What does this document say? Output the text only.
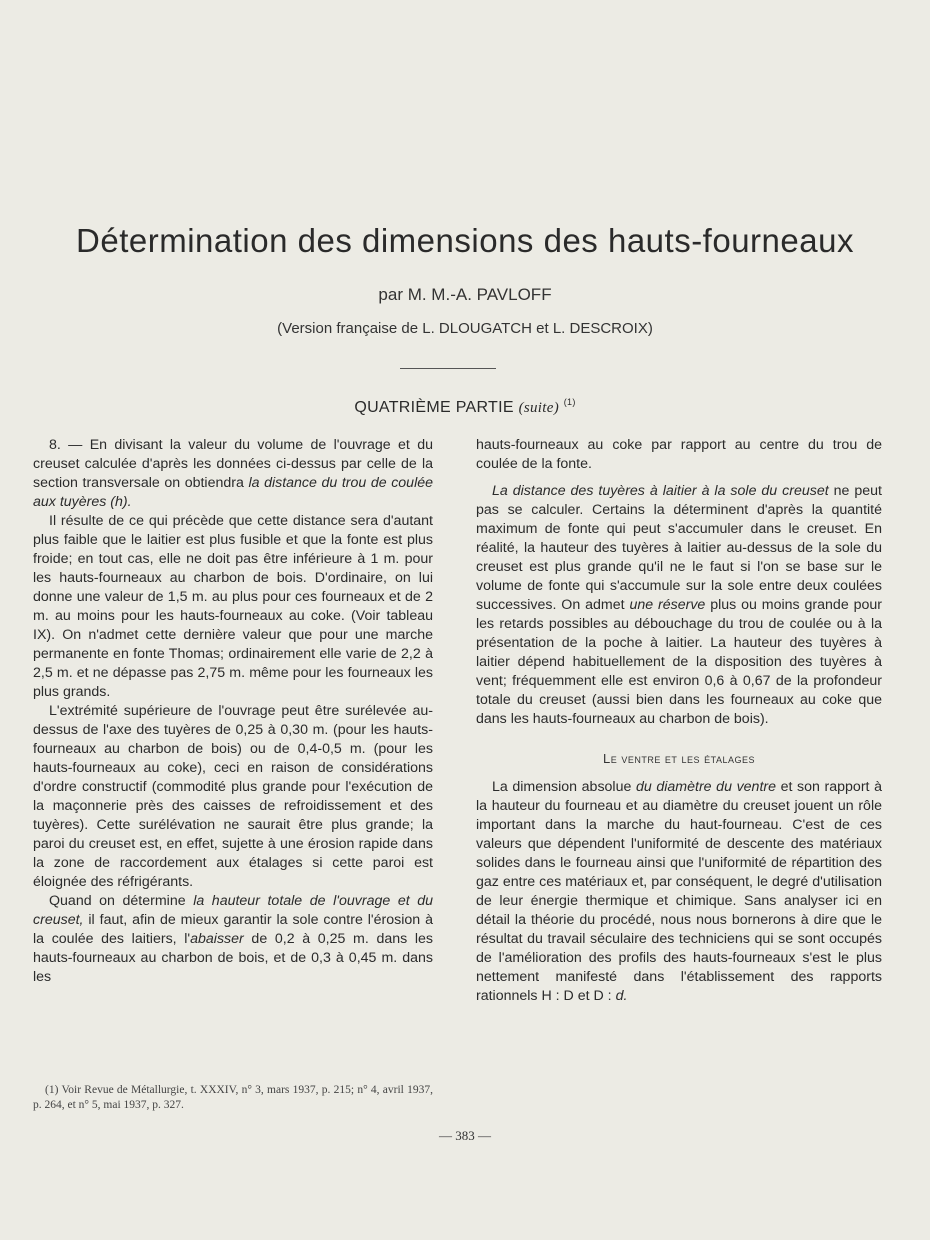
Détermination des dimensions des hauts-fourneaux

par M. M.-A. PAVLOFF

(Version française de L. DLOUGATCH et L. DESCROIX)

QUATRIÈME PARTIE (suite) $^{(1)}$

8. — En divisant la valeur du volume de l'ouvrage et du creuset calculée d'après les données ci-dessus par celle de la section transversale on obtiendra la distance du trou de coulée aux tuyères (h).

Il résulte de ce qui précède que cette distance sera d'autant plus faible que le laitier est plus fusible et que la fonte est plus froide; en tout cas, elle ne doit pas être inférieure à 1 m. pour les hauts-fourneaux au charbon de bois. D'ordinaire, on lui donne une valeur de 1,5 m. au plus pour ces fourneaux et de 2 m. au moins pour les hauts-fourneaux au coke. (Voir tableau IX). On n'admet cette dernière valeur que pour une marche permanente en fonte Thomas; ordinairement elle varie de 2,2 à 2,5 m. et ne dépasse pas 2,75 m. même pour les fourneaux les plus grands.

L'extrémité supérieure de l'ouvrage peut être surélevée au-dessus de l'axe des tuyères de 0,25 à 0,30 m. (pour les hauts-fourneaux au charbon de bois) ou de 0,4-0,5 m. (pour les hauts-fourneaux au coke), ceci en raison de considérations d'ordre constructif (commodité plus grande pour l'exécution de la maçonnerie près des caisses de refroidissement et des tuyères). Cette surélévation ne saurait être plus grande; la paroi du creuset est, en effet, sujette à une érosion rapide dans la zone de raccordement aux étalages si cette paroi est éloignée des réfrigérants.

Quand on détermine la hauteur totale de l'ouvrage et du creuset, il faut, afin de mieux garantir la sole contre l'érosion à la coulée des laitiers, l'abaisser de 0,2 à 0,25 m. dans les hauts-fourneaux au charbon de bois, et de 0,3 à 0,45 m. dans les

hauts-fourneaux au coke par rapport au centre du trou de coulée de la fonte.

La distance des tuyères à laitier à la sole du creuset ne peut pas se calculer. Certains la déterminent d'après la quantité maximum de fonte qui peut s'accumuler dans le creuset. En réalité, la hauteur des tuyères à laitier au-dessus de la sole du creuset est plus grande qu'il ne le faut si l'on se base sur le volume de fonte qui s'accumule sur la sole entre deux coulées successives. On admet une réserve plus ou moins grande pour les retards possibles au débouchage du trou de coulée ou à la présentation de la poche à laitier. La hauteur des tuyères à laitier dépend habituellement de la disposition des tuyères à vent; fréquemment elle est environ 0,6 à 0,67 de la profondeur totale du creuset (aussi bien dans les fourneaux au coke que dans les hauts-fourneaux au charbon de bois).

Le ventre et les étalages

La dimension absolue du diamètre du ventre et son rapport à la hauteur du fourneau et au diamètre du creuset jouent un rôle important dans la marche du haut-fourneau. C'est de ces valeurs que dépendent l'uniformité de descente des matériaux solides dans le fourneau ainsi que l'uniformité de répartition des gaz entre ces matériaux et, par conséquent, le degré d'utilisation de leur énergie thermique et chimique. Sans analyser ici en détail la théorie du procédé, nous nous bornerons à dire que le résultat du travail séculaire des techniciens qui se sont occupés de l'amélioration des profils des hauts-fourneaux s'est le plus nettement manifesté dans l'établissement des rapports rationnels H : D et D : d.

(1) Voir Revue de Métallurgie, t. XXXIV, n° 3, mars 1937, p. 215; n° 4, avril 1937, p. 264, et n° 5, mai 1937, p. 327.

— 383 —
